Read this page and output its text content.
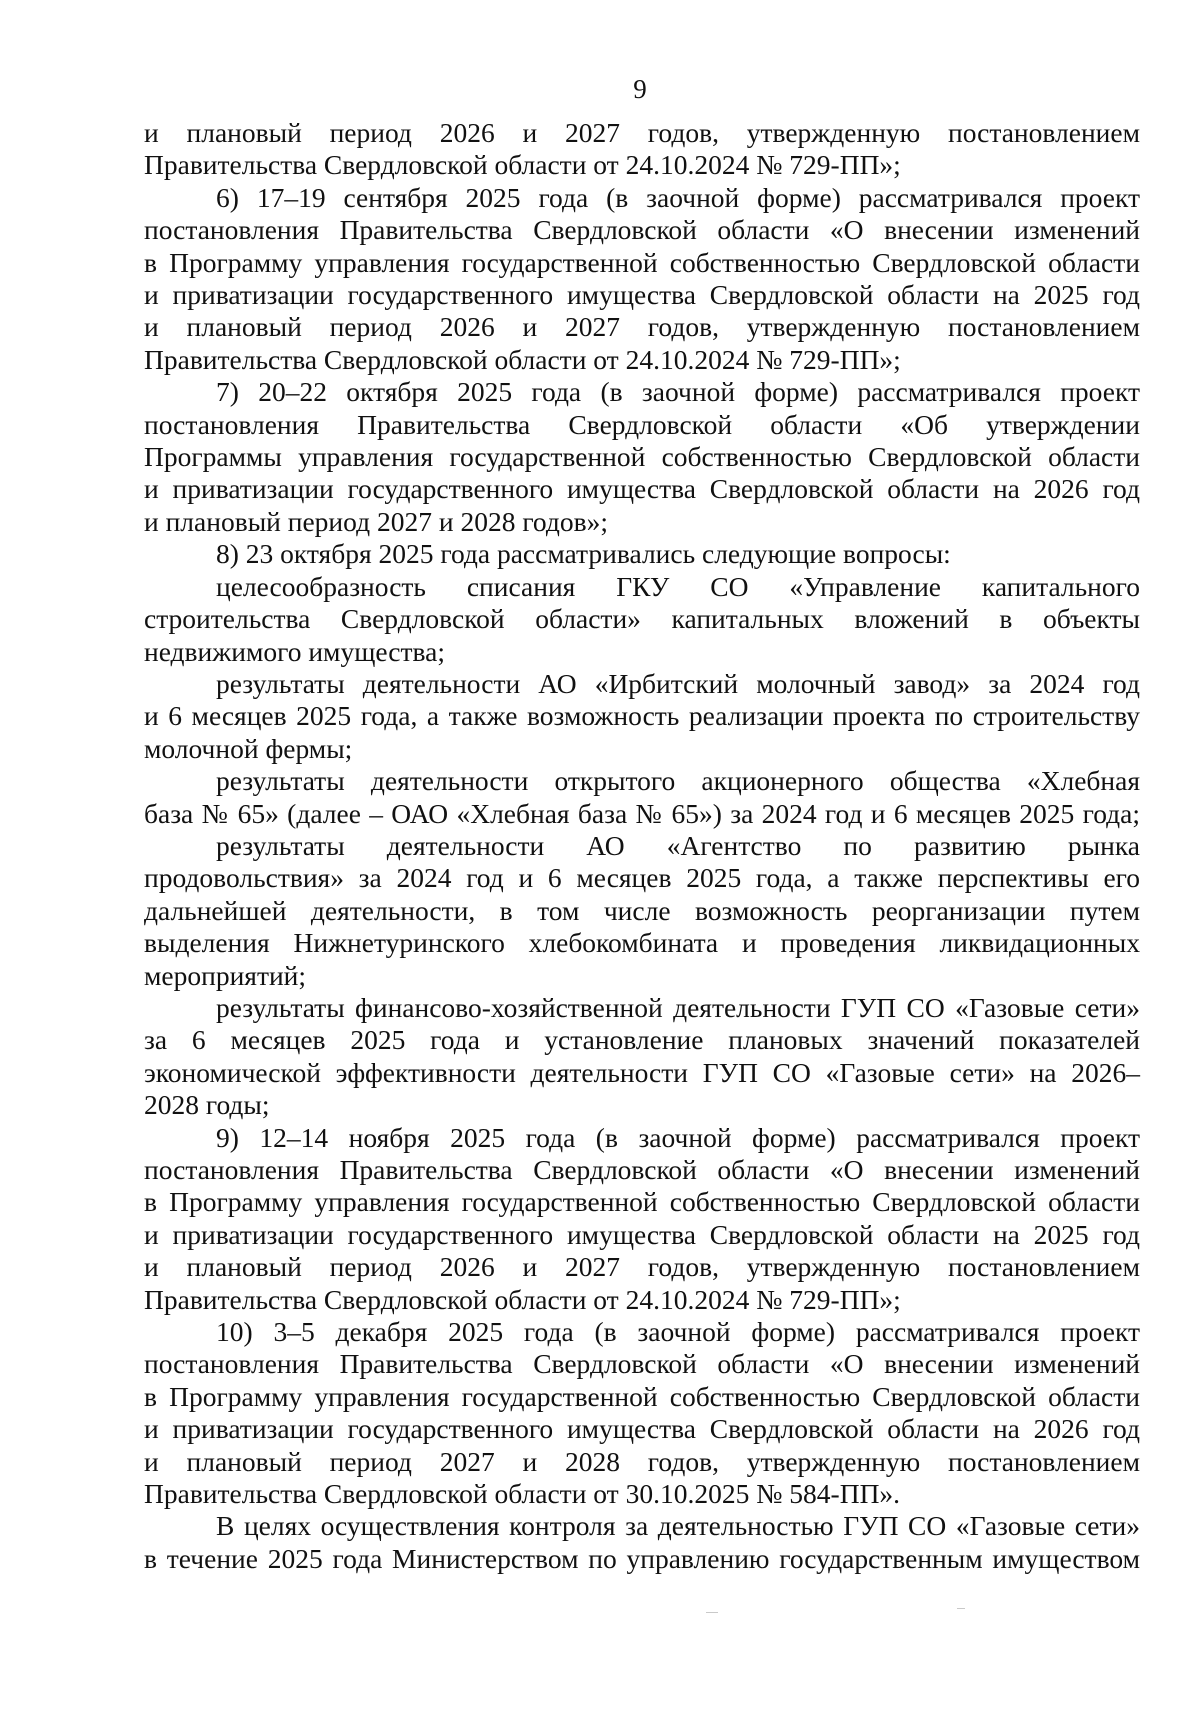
9
и плановый период 2026 и 2027 годов, утвержденную постановлением
Правительства Свердловской области от 24.10.2024 № 729-ПП»;
6) 17–19 сентября 2025 года (в заочной форме) рассматривался проект
постановления Правительства Свердловской области «О внесении изменений
в Программу управления государственной собственностью Свердловской области
и приватизации государственного имущества Свердловской области на 2025 год
и плановый период 2026 и 2027 годов, утвержденную постановлением
Правительства Свердловской области от 24.10.2024 № 729-ПП»;
7) 20–22 октября 2025 года (в заочной форме) рассматривался проект
постановления Правительства Свердловской области «Об утверждении
Программы управления государственной собственностью Свердловской области
и приватизации государственного имущества Свердловской области на 2026 год
и плановый период 2027 и 2028 годов»;
8) 23 октября 2025 года рассматривались следующие вопросы:
целесообразность списания ГКУ СО «Управление капитального
строительства Свердловской области» капитальных вложений в объекты
недвижимого имущества;
результаты деятельности АО «Ирбитский молочный завод» за 2024 год
и 6 месяцев 2025 года, а также возможность реализации проекта по строительству
молочной фермы;
результаты деятельности открытого акционерного общества «Хлебная
база № 65» (далее – ОАО «Хлебная база № 65») за 2024 год и 6 месяцев 2025 года;
результаты деятельности АО «Агентство по развитию рынка
продовольствия» за 2024 год и 6 месяцев 2025 года, а также перспективы его
дальнейшей деятельности, в том числе возможность реорганизации путем
выделения Нижнетуринского хлебокомбината и проведения ликвидационных
мероприятий;
результаты финансово-хозяйственной деятельности ГУП СО «Газовые сети»
за 6 месяцев 2025 года и установление плановых значений показателей
экономической эффективности деятельности ГУП СО «Газовые сети» на 2026–
2028 годы;
9) 12–14 ноября 2025 года (в заочной форме) рассматривался проект
постановления Правительства Свердловской области «О внесении изменений
в Программу управления государственной собственностью Свердловской области
и приватизации государственного имущества Свердловской области на 2025 год
и плановый период 2026 и 2027 годов, утвержденную постановлением
Правительства Свердловской области от 24.10.2024 № 729-ПП»;
10) 3–5 декабря 2025 года (в заочной форме) рассматривался проект
постановления Правительства Свердловской области «О внесении изменений
в Программу управления государственной собственностью Свердловской области
и приватизации государственного имущества Свердловской области на 2026 год
и плановый период 2027 и 2028 годов, утвержденную постановлением
Правительства Свердловской области от 30.10.2025 № 584-ПП».
В целях осуществления контроля за деятельностью ГУП СО «Газовые сети»
в течение 2025 года Министерством по управлению государственным имуществом
